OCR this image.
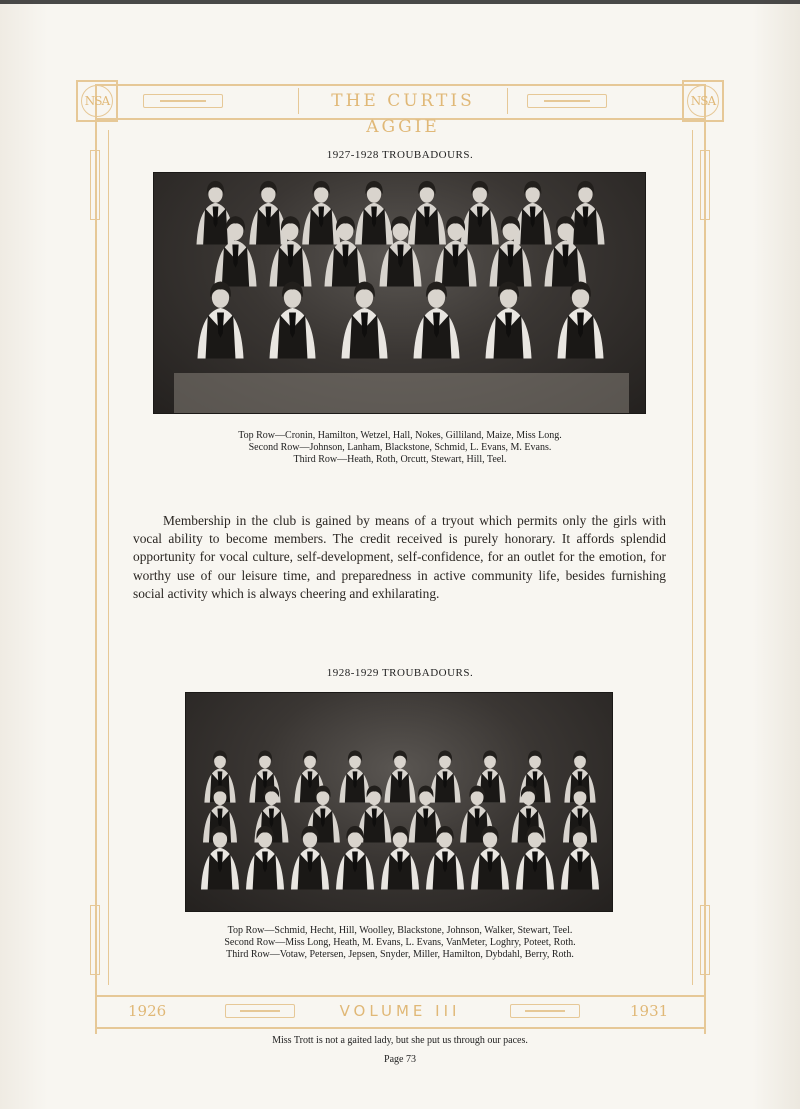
NSA	NSA
THE CURTIS AGGIE
1927-1928 TROUBADOURS.
Top Row—Cronin, Hamilton, Wetzel, Hall, Nokes, Gilliland, Maize, Miss Long.
Second Row—Johnson, Lanham, Blackstone, Schmid, L. Evans, M. Evans.
Third Row—Heath, Roth, Orcutt, Stewart, Hill, Teel.

Membership in the club is gained by means of a tryout which permits only the girls with vocal ability to become members. The credit received is purely honorary. It affords splendid opportunity for vocal culture, self-development, self-confidence, for an outlet for the emotion, for worthy use of our leisure time, and preparedness in active community life, besides furnishing social activity which is always cheering and exhilarating.

1928-1929 TROUBADOURS.
Top Row—Schmid, Hecht, Hill, Woolley, Blackstone, Johnson, Walker, Stewart, Teel.
Second Row—Miss Long, Heath, M. Evans, L. Evans, VanMeter, Loghry, Poteet, Roth.
Third Row—Votaw, Petersen, Jepsen, Snyder, Miller, Hamilton, Dybdahl, Berry, Roth.
1926	VOLUME III	1931
Miss Trott is not a gaited lady, but she put us through our paces.
Page 73
